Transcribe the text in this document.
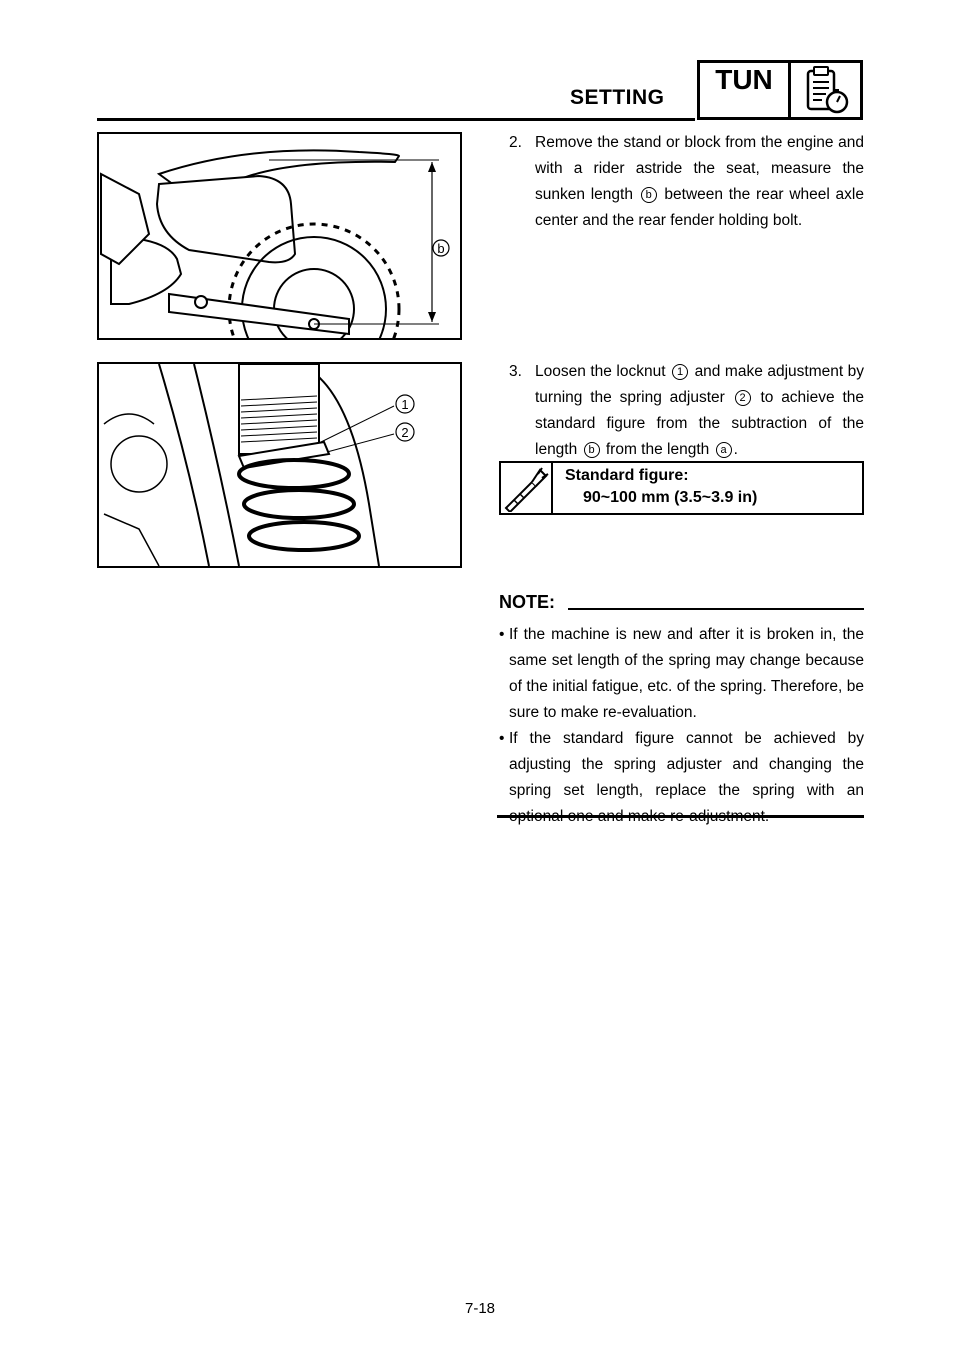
SETTING
TUN
b
1
2
2. Remove the stand or block from the engine and with a rider astride the seat, measure the sunken length b between the rear wheel axle center and the rear fender holding bolt.
3. Loosen the locknut 1 and make adjustment by turning the spring adjuster 2 to achieve the standard figure from the subtraction of the length b from the length a .
Standard figure:
90~100 mm (3.5~3.9 in)
NOTE:
• If the machine is new and after it is broken in, the same set length of the spring may change because of the initial fatigue, etc. of the spring. Therefore, be sure to make re-evaluation.
• If the standard figure cannot be achieved by adjusting the spring adjuster and changing the spring set length, replace the spring with an
7-18
